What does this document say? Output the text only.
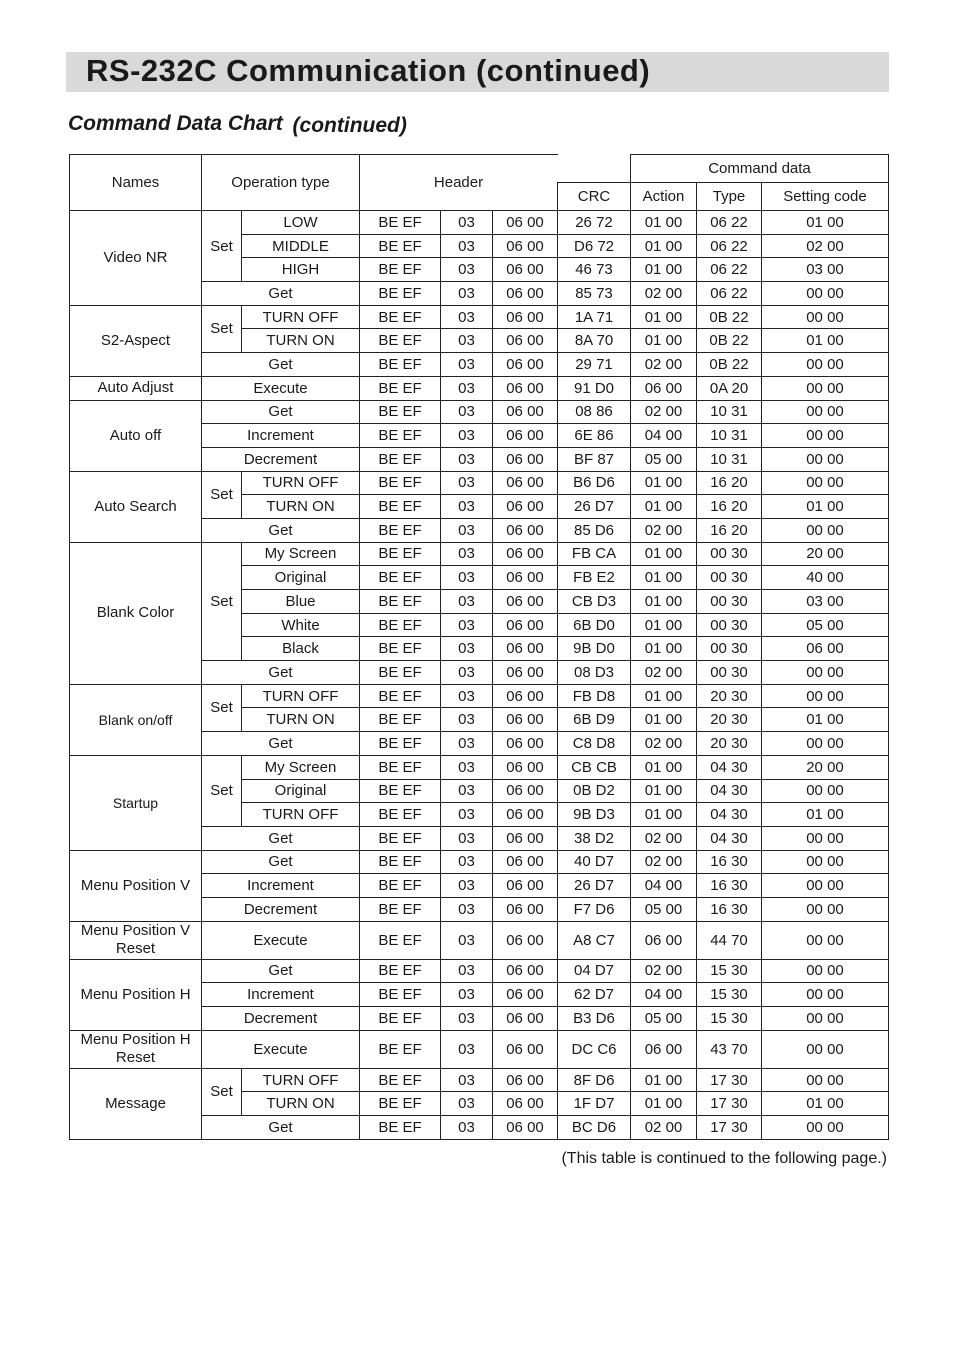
RS-232C Communication (continued)
Command Data Chart (continued)
Names	Operation type		Header				Command data		
						CRC	Action	Type	Setting code
Video NR	Set	LOW	BE EF	03	06 00	26 72	01 00	06 22	01 00
		MIDDLE	BE EF	03	06 00	D6 72	01 00	06 22	02 00
		HIGH	BE EF	03	06 00	46 73	01 00	06 22	03 00
	Get		BE EF	03	06 00	85 73	02 00	06 22	00 00
S2-Aspect	Set	TURN OFF	BE EF	03	06 00	1A 71	01 00	0B 22	00 00
		TURN ON	BE EF	03	06 00	8A 70	01 00	0B 22	01 00
	Get		BE EF	03	06 00	29 71	02 00	0B 22	00 00
Auto Adjust	Execute		BE EF	03	06 00	91 D0	06 00	0A 20	00 00
Auto off	Get		BE EF	03	06 00	08 86	02 00	10 31	00 00
	Increment		BE EF	03	06 00	6E 86	04 00	10 31	00 00
	Decrement		BE EF	03	06 00	BF 87	05 00	10 31	00 00
Auto Search	Set	TURN OFF	BE EF	03	06 00	B6 D6	01 00	16 20	00 00
		TURN ON	BE EF	03	06 00	26 D7	01 00	16 20	01 00
	Get		BE EF	03	06 00	85 D6	02 00	16 20	00 00
Blank Color	Set	My Screen	BE EF	03	06 00	FB CA	01 00	00 30	20 00
		Original	BE EF	03	06 00	FB E2	01 00	00 30	40 00
		Blue	BE EF	03	06 00	CB D3	01 00	00 30	03 00
		White	BE EF	03	06 00	6B D0	01 00	00 30	05 00
		Black	BE EF	03	06 00	9B D0	01 00	00 30	06 00
	Get		BE EF	03	06 00	08 D3	02 00	00 30	00 00
Blank on/off	Set	TURN OFF	BE EF	03	06 00	FB D8	01 00	20 30	00 00
		TURN ON	BE EF	03	06 00	6B D9	01 00	20 30	01 00
	Get		BE EF	03	06 00	C8 D8	02 00	20 30	00 00
Startup	Set	My Screen	BE EF	03	06 00	CB CB	01 00	04 30	20 00
		Original	BE EF	03	06 00	0B D2	01 00	04 30	00 00
		TURN OFF	BE EF	03	06 00	9B D3	01 00	04 30	01 00
	Get		BE EF	03	06 00	38 D2	02 00	04 30	00 00
Menu Position V	Get		BE EF	03	06 00	40 D7	02 00	16 30	00 00
	Increment		BE EF	03	06 00	26 D7	04 00	16 30	00 00
	Decrement		BE EF	03	06 00	F7 D6	05 00	16 30	00 00
Menu Position V Reset	Execute		BE EF	03	06 00	A8 C7	06 00	44 70	00 00
Menu Position H	Get		BE EF	03	06 00	04 D7	02 00	15 30	00 00
	Increment		BE EF	03	06 00	62 D7	04 00	15 30	00 00
	Decrement		BE EF	03	06 00	B3 D6	05 00	15 30	00 00
Menu Position H Reset	Execute		BE EF	03	06 00	DC C6	06 00	43 70	00 00
Message	Set	TURN OFF	BE EF	03	06 00	8F D6	01 00	17 30	00 00
		TURN ON	BE EF	03	06 00	1F D7	01 00	17 30	01 00
	Get		BE EF	03	06 00	BC D6	02 00	17 30	00 00
(This table is continued to the following page.)
